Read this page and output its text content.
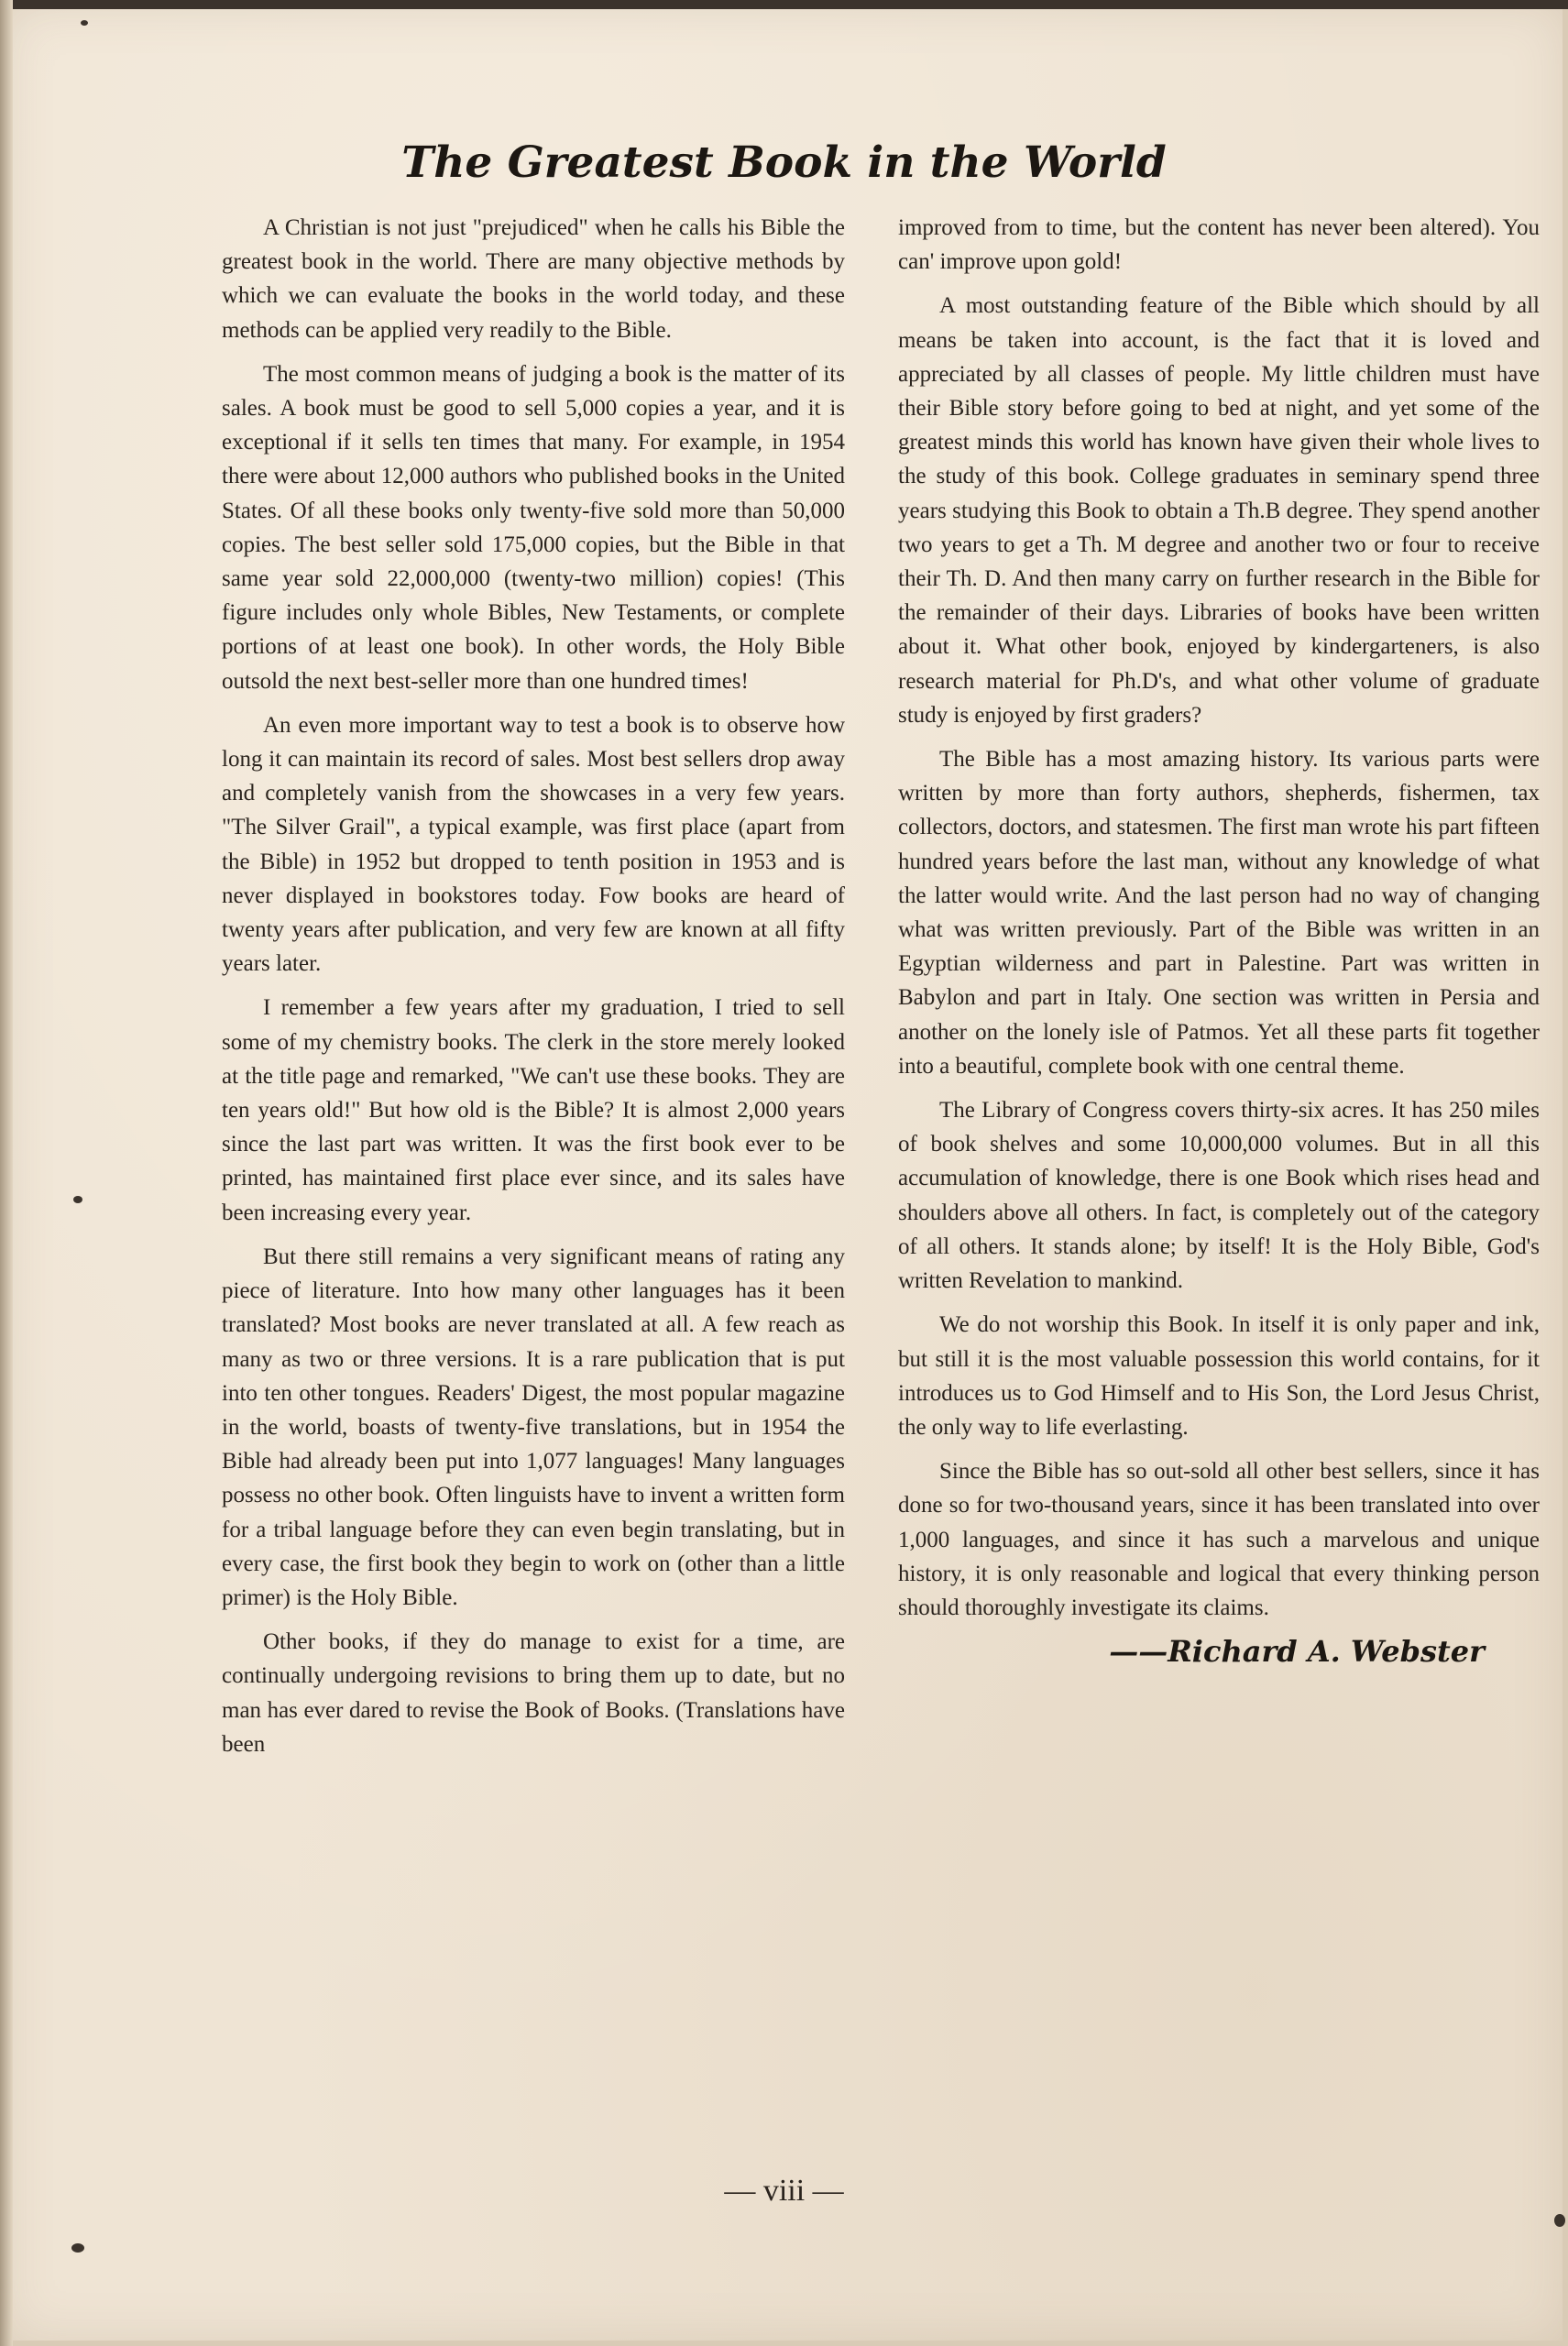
The Greatest Book in the World

A Christian is not just "prejudiced" when he calls his Bible the greatest book in the world. There are many objective methods by which we can evaluate the books in the world today, and these methods can be applied very readily to the Bible.

The most common means of judging a book is the matter of its sales. A book must be good to sell 5,000 copies a year, and it is exceptional if it sells ten times that many. For example, in 1954 there were about 12,000 authors who published books in the United States. Of all these books only twenty-five sold more than 50,000 copies. The best seller sold 175,000 copies, but the Bible in that same year sold 22,000,000 (twenty-two million) copies! (This figure includes only whole Bibles, New Testaments, or complete portions of at least one book). In other words, the Holy Bible outsold the next best-seller more than one hundred times!

An even more important way to test a book is to observe how long it can maintain its record of sales. Most best sellers drop away and completely vanish from the showcases in a very few years. "The Silver Grail", a typical example, was first place (apart from the Bible) in 1952 but dropped to tenth position in 1953 and is never displayed in bookstores today. Fow books are heard of twenty years after publication, and very few are known at all fifty years later.

I remember a few years after my graduation, I tried to sell some of my chemistry books. The clerk in the store merely looked at the title page and remarked, "We can't use these books. They are ten years old!" But how old is the Bible? It is almost 2,000 years since the last part was written. It was the first book ever to be printed, has maintained first place ever since, and its sales have been increasing every year.

But there still remains a very significant means of rating any piece of literature. Into how many other languages has it been translated? Most books are never translated at all. A few reach as many as two or three versions. It is a rare publication that is put into ten other tongues. Readers' Digest, the most popular magazine in the world, boasts of twenty-five translations, but in 1954 the Bible had already been put into 1,077 languages! Many languages possess no other book. Often linguists have to invent a written form for a tribal language before they can even begin translating, but in every case, the first book they begin to work on (other than a little primer) is the Holy Bible.

Other books, if they do manage to exist for a time, are continually undergoing revisions to bring them up to date, but no man has ever dared to revise the Book of Books. (Translations have been

improved from to time, but the content has never been altered). You can' improve upon gold!

A most outstanding feature of the Bible which should by all means be taken into account, is the fact that it is loved and appreciated by all classes of people. My little children must have their Bible story before going to bed at night, and yet some of the greatest minds this world has known have given their whole lives to the study of this book. College graduates in seminary spend three years studying this Book to obtain a Th.B degree. They spend another two years to get a Th. M degree and another two or four to receive their Th. D. And then many carry on further research in the Bible for the remainder of their days. Libraries of books have been written about it. What other book, enjoyed by kindergarteners, is also research material for Ph.D's, and what other volume of graduate study is enjoyed by first graders?

The Bible has a most amazing history. Its various parts were written by more than forty authors, shepherds, fishermen, tax collectors, doctors, and statesmen. The first man wrote his part fifteen hundred years before the last man, without any knowledge of what the latter would write. And the last person had no way of changing what was written previously. Part of the Bible was written in an Egyptian wilderness and part in Palestine. Part was written in Babylon and part in Italy. One section was written in Persia and another on the lonely isle of Patmos. Yet all these parts fit together into a beautiful, complete book with one central theme.

The Library of Congress covers thirty-six acres. It has 250 miles of book shelves and some 10,000,000 volumes. But in all this accumulation of knowledge, there is one Book which rises head and shoulders above all others. In fact, is completely out of the category of all others. It stands alone; by itself! It is the Holy Bible, God's written Revelation to mankind.

We do not worship this Book. In itself it is only paper and ink, but still it is the most valuable possession this world contains, for it introduces us to God Himself and to His Son, the Lord Jesus Christ, the only way to life everlasting.

Since the Bible has so out-sold all other best sellers, since it has done so for two-thousand years, since it has been translated into over 1,000 languages, and since it has such a marvelous and unique history, it is only reasonable and logical that every thinking person should thoroughly investigate its claims.

——Richard A. Webster
— viii —
